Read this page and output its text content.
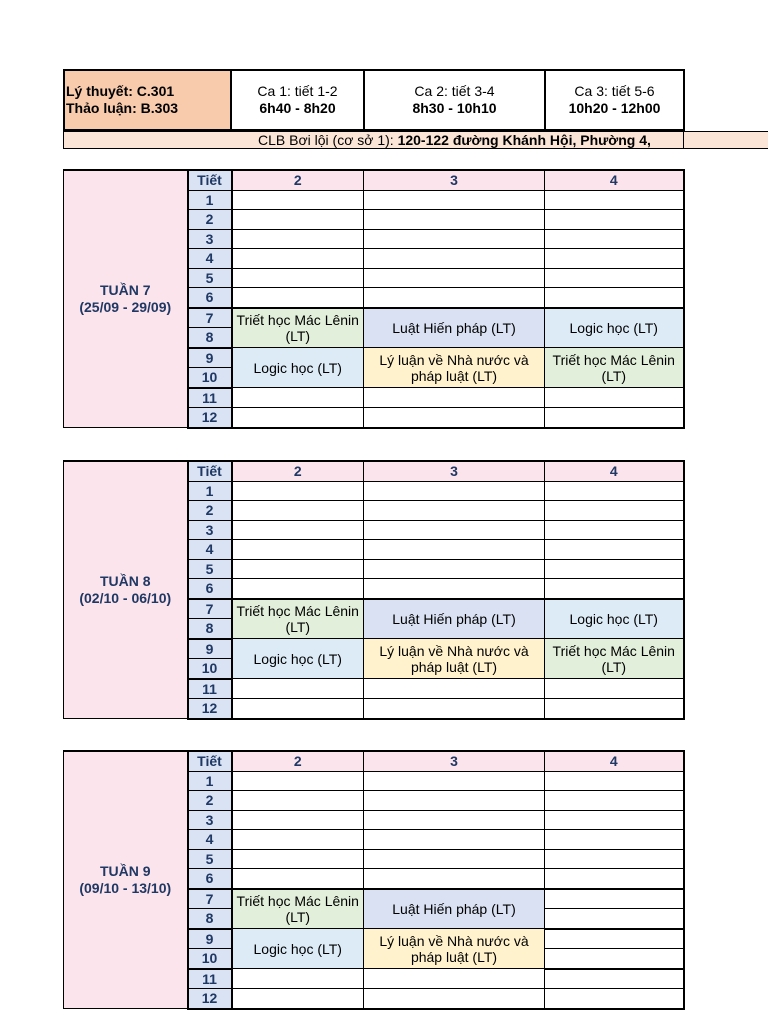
Lý thuyết: C.301
Thảo luận: B.303

Ca 1: tiết 1-2
6h40 - 8h20

Ca 2: tiết 3-4
8h30 - 10h10

Ca 3: tiết 5-6
10h20 - 12h00
CLB Bơi lội (cơ sở 1): 120-122 đường Khánh Hội, Phường 4,
TUẦN 7
(25/09 - 29/09)	Tiết	2	3	4
	1			
	2			
	3			
	4			
	5			
	6			
	7	Triết học Mác Lênin (LT)	Luật Hiến pháp (LT)	Logic học (LT)
	8			
	9	Logic học (LT)	Lý luận về Nhà nước và pháp luật (LT)	Triết học Mác Lênin (LT)
	10			
	11			
	12			
TUẦN 8
(02/10 - 06/10)	Tiết	2	3	4
	1			
	2			
	3			
	4			
	5			
	6			
	7	Triết học Mác Lênin (LT)	Luật Hiến pháp (LT)	Logic học (LT)
	8			
	9	Logic học (LT)	Lý luận về Nhà nước và pháp luật (LT)	Triết học Mác Lênin (LT)
	10			
	11			
	12			
TUẦN 9
(09/10 - 13/10)	Tiết	2	3	4
	1			
	2			
	3			
	4			
	5			
	6			
	7	Triết học Mác Lênin (LT)	Luật Hiến pháp (LT)	
	8			
	9	Logic học (LT)	Lý luận về Nhà nước và pháp luật (LT)	
	10			
	11			
	12			
